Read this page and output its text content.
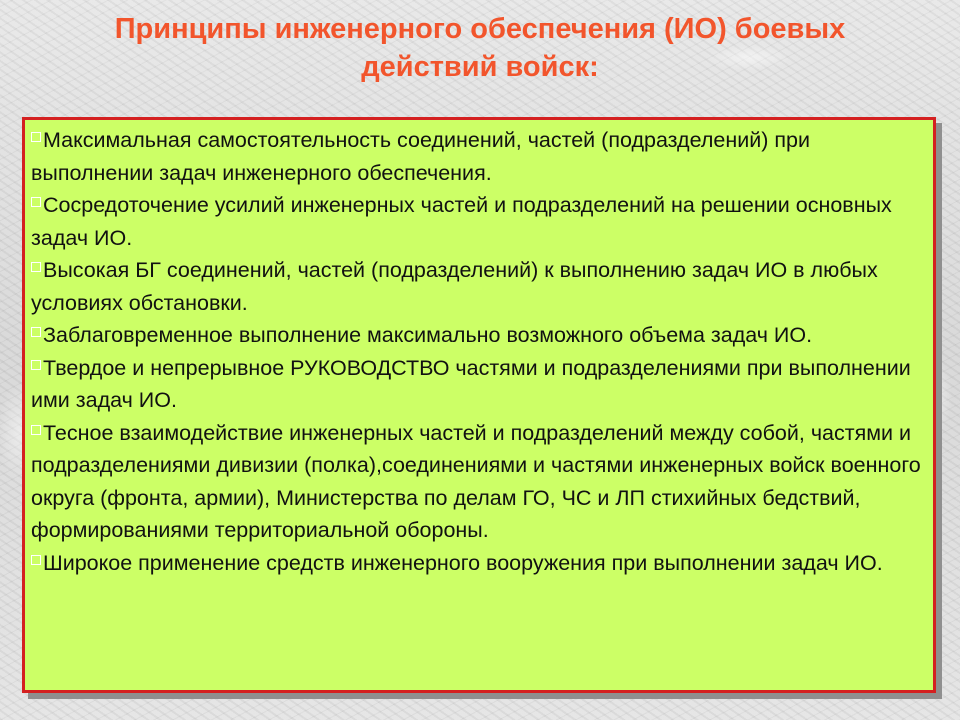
Принципы инженерного обеспечения (ИО) боевых
действий войск:
Максимальная самостоятельность соединений, частей (подразделений) при выполнении задач инженерного обеспечения.
Сосредоточение усилий инженерных частей и подразделений на решении основных задач ИО.
Высокая БГ соединений, частей (подразделений) к выполнению задач ИО в любых условиях обстановки.
Заблаговременное выполнение максимально возможного объема задач ИО.
Твердое и непрерывное РУКОВОДСТВО частями и подразделениями при выполнении ими задач ИО.
Тесное взаимодействие инженерных частей и подразделений между собой, частями и подразделениями дивизии (полка),соединениями и частями инженерных войск военного округа (фронта, армии), Министерства по делам ГО, ЧС и ЛП стихийных бедствий, формированиями территориальной обороны.
Широкое применение средств инженерного вооружения при выполнении задач ИО.
